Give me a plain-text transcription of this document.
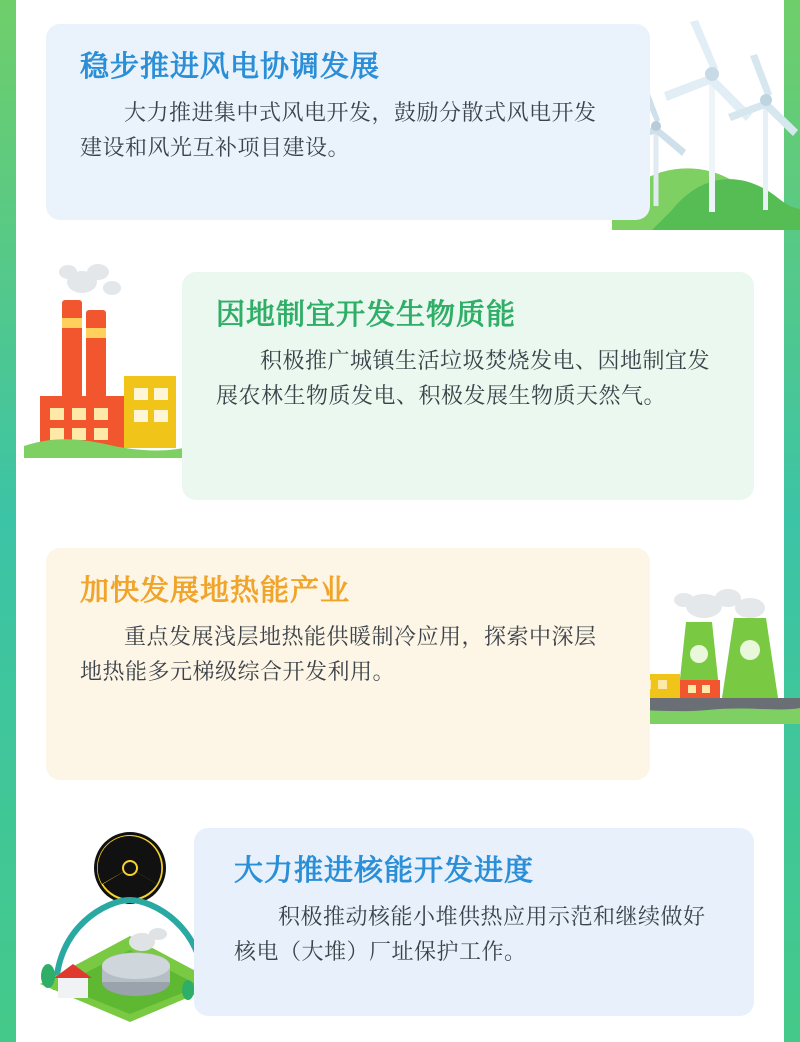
稳步推进风电协调发展

大力推进集中式风电开发，鼓励分散式风电开发建设和风光互补项目建设。

因地制宜开发生物质能

积极推广城镇生活垃圾焚烧发电、因地制宜发展农林生物质发电、积极发展生物质天然气。

加快发展地热能产业

重点发展浅层地热能供暖制冷应用，探索中深层地热能多元梯级综合开发利用。

大力推进核能开发进度

积极推动核能小堆供热应用示范和继续做好核电（大堆）厂址保护工作。
